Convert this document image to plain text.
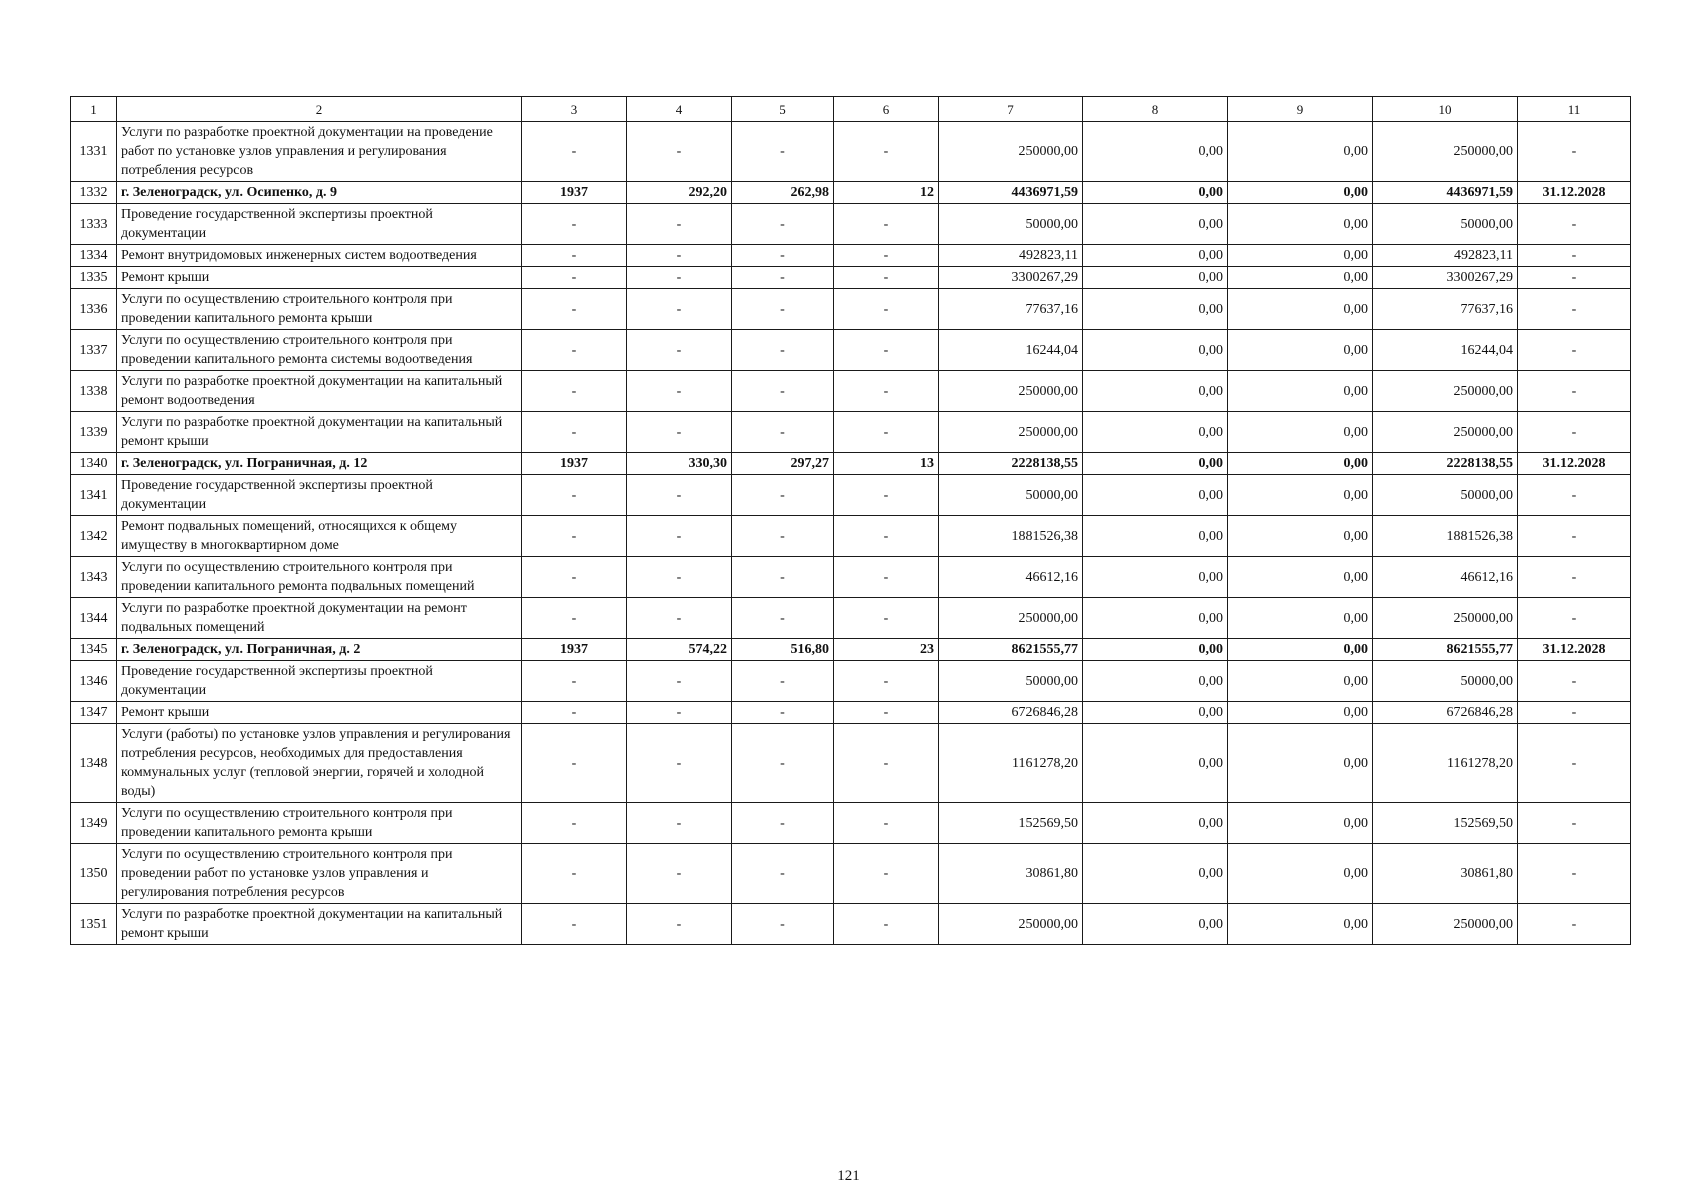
1	2	3	4	5	6	7	8	9	10	11
1331	Услуги по разработке проектной документации на проведение работ по установке узлов управления и регулирования потребления ресурсов	-	-	-	-	250000,00	0,00	0,00	250000,00	-
1332	г. Зеленоградск, ул. Осипенко, д. 9	1937	292,20	262,98	12	4436971,59	0,00	0,00	4436971,59	31.12.2028
1333	Проведение государственной экспертизы проектной документации	-	-	-	-	50000,00	0,00	0,00	50000,00	-
1334	Ремонт внутридомовых инженерных систем водоотведения	-	-	-	-	492823,11	0,00	0,00	492823,11	-
1335	Ремонт крыши	-	-	-	-	3300267,29	0,00	0,00	3300267,29	-
1336	Услуги по осуществлению строительного контроля при проведении капитального ремонта крыши	-	-	-	-	77637,16	0,00	0,00	77637,16	-
1337	Услуги по осуществлению строительного контроля при проведении капитального ремонта системы водоотведения	-	-	-	-	16244,04	0,00	0,00	16244,04	-
1338	Услуги по разработке проектной документации на капитальный ремонт водоотведения	-	-	-	-	250000,00	0,00	0,00	250000,00	-
1339	Услуги по разработке проектной документации на капитальный ремонт крыши	-	-	-	-	250000,00	0,00	0,00	250000,00	-
1340	г. Зеленоградск, ул. Пограничная, д. 12	1937	330,30	297,27	13	2228138,55	0,00	0,00	2228138,55	31.12.2028
1341	Проведение государственной экспертизы проектной документации	-	-	-	-	50000,00	0,00	0,00	50000,00	-
1342	Ремонт подвальных помещений, относящихся к общему имуществу в многоквартирном доме	-	-	-	-	1881526,38	0,00	0,00	1881526,38	-
1343	Услуги по осуществлению строительного контроля при проведении капитального ремонта подвальных помещений	-	-	-	-	46612,16	0,00	0,00	46612,16	-
1344	Услуги по разработке проектной документации на ремонт подвальных помещений	-	-	-	-	250000,00	0,00	0,00	250000,00	-
1345	г. Зеленоградск, ул. Пограничная, д. 2	1937	574,22	516,80	23	8621555,77	0,00	0,00	8621555,77	31.12.2028
1346	Проведение государственной экспертизы проектной документации	-	-	-	-	50000,00	0,00	0,00	50000,00	-
1347	Ремонт крыши	-	-	-	-	6726846,28	0,00	0,00	6726846,28	-
1348	Услуги (работы) по установке узлов управления и регулирования потребления ресурсов, необходимых для предоставления коммунальных услуг (тепловой энергии, горячей и холодной воды)	-	-	-	-	1161278,20	0,00	0,00	1161278,20	-
1349	Услуги по осуществлению строительного контроля при проведении капитального ремонта крыши	-	-	-	-	152569,50	0,00	0,00	152569,50	-
1350	Услуги по осуществлению строительного контроля при проведении работ по установке узлов управления и регулирования потребления ресурсов	-	-	-	-	30861,80	0,00	0,00	30861,80	-
1351	Услуги по разработке проектной документации на капитальный ремонт крыши	-	-	-	-	250000,00	0,00	0,00	250000,00	-
121
